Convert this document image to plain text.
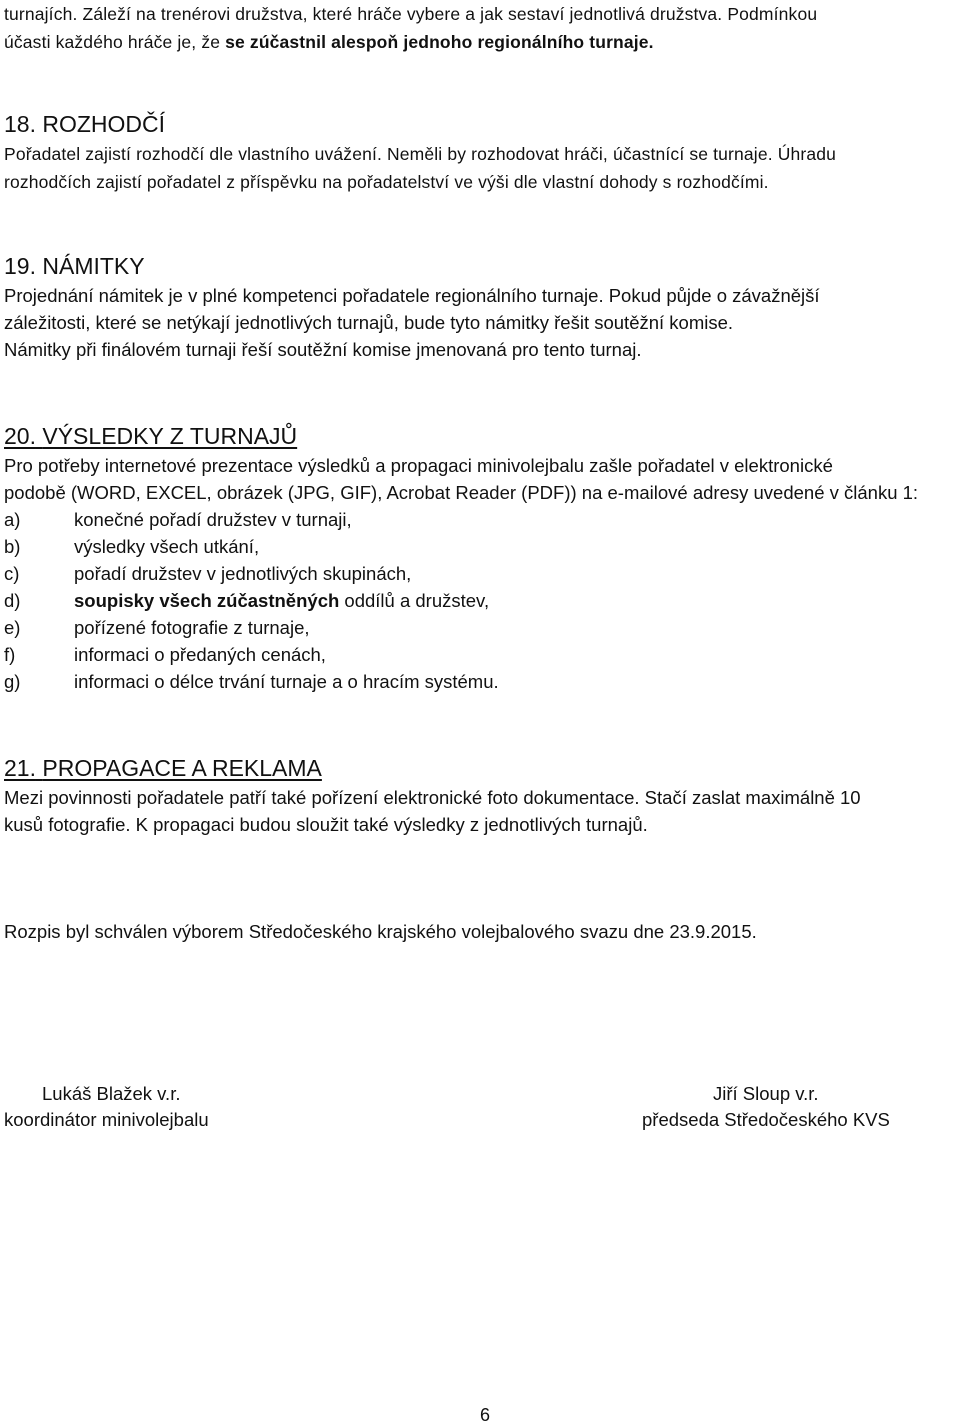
turnajích. Záleží na trenérovi družstva, které hráče vybere a jak sestaví jednotlivá družstva. Podmínkou
účasti každého hráče je, že se zúčastnil alespoň jednoho regionálního turnaje.
18. ROZHODČÍ
Pořadatel zajistí rozhodčí dle vlastního uvážení. Neměli by rozhodovat hráči, účastnící se turnaje. Úhradu
rozhodčích zajistí pořadatel z příspěvku na pořadatelství ve výši dle vlastní dohody s rozhodčími.
19. NÁMITKY
Projednání námitek je v plné kompetenci pořadatele regionálního turnaje. Pokud půjde o závažnější
záležitosti, které se netýkají jednotlivých turnajů, bude tyto námitky řešit soutěžní komise.
Námitky při finálovém turnaji řeší soutěžní komise jmenovaná pro tento turnaj.
20. VÝSLEDKY Z TURNAJŮ
Pro potřeby internetové prezentace výsledků a propagaci minivolejbalu zašle pořadatel v elektronické
podobě (WORD, EXCEL, obrázek (JPG, GIF), Acrobat Reader (PDF)) na e-mailové adresy uvedené v článku 1:
a)	konečné pořadí družstev v turnaji,
b)	výsledky všech utkání,
c)	pořadí družstev v jednotlivých skupinách,
d)	soupisky všech zúčastněných oddílů a družstev,
e)	pořízené fotografie z turnaje,
f)	informaci o předaných cenách,
g)	informaci o délce trvání turnaje a o hracím systému.
21. PROPAGACE A REKLAMA
Mezi povinnosti pořadatele patří také pořízení elektronické foto dokumentace. Stačí zaslat maximálně 10
kusů fotografie. K propagaci budou sloužit také výsledky z jednotlivých turnajů.
Rozpis byl schválen výborem Středočeského krajského volejbalového svazu dne 23.9.2015.
Lukáš Blažek v.r.
koordinátor minivolejbalu
Jiří Sloup v.r.
předseda Středočeského KVS
6
